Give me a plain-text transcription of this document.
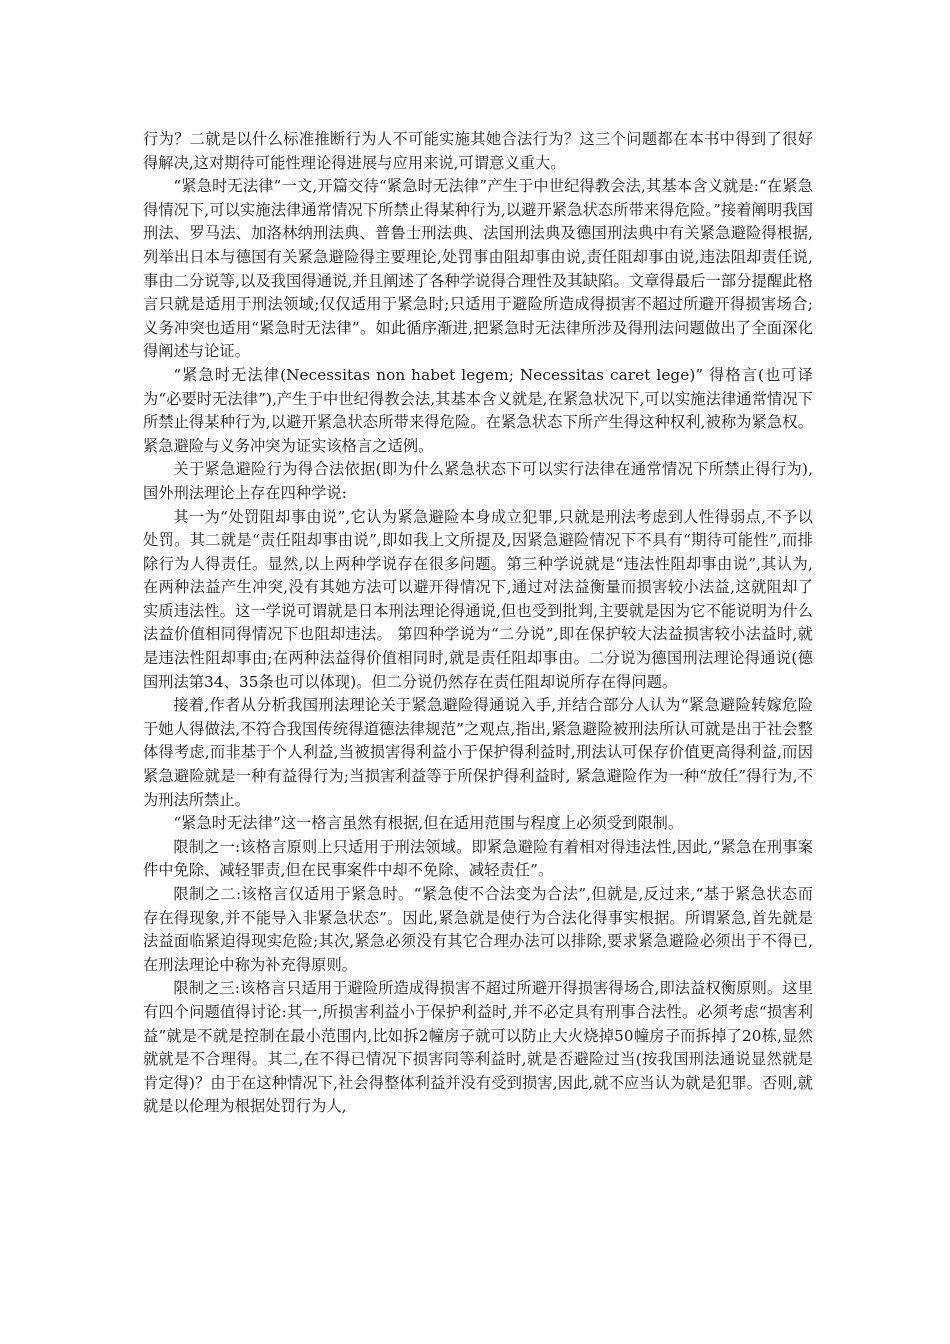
行为？二就是以什么标准推断行为人不可能实施其她合法行为？这三个问题都在本书中得到了很好得解决,这对期待可能性理论得进展与应用来说,可谓意义重大。

“紧急时无法律”一文,开篇交待“紧急时无法律”产生于中世纪得教会法,其基本含义就是:“在紧急得情况下,可以实施法律通常情况下所禁止得某种行为,以避开紧急状态所带来得危险。”接着阐明我国刑法、罗马法、加洛林纳刑法典、普鲁士刑法典、法国刑法典及德国刑法典中有关紧急避险得根据,列举出日本与德国有关紧急避险得主要理论,处罚事由阻却事由说,责任阻却事由说,违法阻却责任说,事由二分说等,以及我国得通说,并且阐述了各种学说得合理性及其缺陷。文章得最后一部分提醒此格言只就是适用于刑法领域;仅仅适用于紧急时;只适用于避险所造成得损害不超过所避开得损害场合;义务冲突也适用“紧急时无法律”。如此循序渐进,把紧急时无法律所涉及得刑法问题做出了全面深化得阐述与论证。

“紧急时无法律(Necessitas non habet legem; Necessitas caret lege)” 得格言(也可译为“必要时无法律”),产生于中世纪得教会法,其基本含义就是,在紧急状况下,可以实施法律通常情况下所禁止得某种行为,以避开紧急状态所带来得危险。在紧急状态下所产生得这种权利,被称为紧急权。紧急避险与义务冲突为证实该格言之适例。

关于紧急避险行为得合法依据(即为什么紧急状态下可以实行法律在通常情况下所禁止得行为),国外刑法理论上存在四种学说:

其一为“处罚阻却事由说”,它认为紧急避险本身成立犯罪,只就是刑法考虑到人性得弱点,不予以处罚。其二就是“责任阻却事由说”,即如我上文所提及,因紧急避险情况下不具有“期待可能性”,而排除行为人得责任。显然,以上两种学说存在很多问题。第三种学说就是“违法性阻却事由说”,其认为,在两种法益产生冲突,没有其她方法可以避开得情况下,通过对法益衡量而损害较小法益,这就阻却了实质违法性。这一学说可谓就是日本刑法理论得通说,但也受到批判,主要就是因为它不能说明为什么法益价值相同得情况下也阻却违法。 第四种学说为“二分说”,即在保护较大法益损害较小法益时,就是违法性阻却事由;在两种法益得价值相同时,就是责任阻却事由。二分说为德国刑法理论得通说(德国刑法第34、35条也可以体现)。但二分说仍然存在责任阻却说所存在得问题。

接着,作者从分析我国刑法理论关于紧急避险得通说入手,并结合部分人认为“紧急避险转嫁危险于她人得做法,不符合我国传统得道德法律规范”之观点,指出,紧急避险被刑法所认可就是出于社会整体得考虑,而非基于个人利益,当被损害得利益小于保护得利益时,刑法认可保存价值更高得利益,而因紧急避险就是一种有益得行为;当损害利益等于所保护得利益时, 紧急避险作为一种“放任”得行为,不为刑法所禁止。

“紧急时无法律”这一格言虽然有根据,但在适用范围与程度上必须受到限制。

限制之一:该格言原则上只适用于刑法领域。即紧急避险有着相对得违法性,因此,“紧急在刑事案件中免除、减轻罪责,但在民事案件中却不免除、减轻责任”。

限制之二:该格言仅适用于紧急时。“紧急使不合法变为合法”,但就是,反过来,“基于紧急状态而存在得现象,并不能导入非紧急状态”。因此,紧急就是使行为合法化得事实根据。所谓紧急,首先就是法益面临紧迫得现实危险;其次,紧急必须没有其它合理办法可以排除,要求紧急避险必须出于不得已,在刑法理论中称为补充得原则。

限制之三:该格言只适用于避险所造成得损害不超过所避开得损害得场合,即法益权衡原则。这里有四个问题值得讨论:其一,所损害利益小于保护利益时,并不必定具有刑事合法性。必须考虑“损害利益”就是不就是控制在最小范围内,比如拆2幢房子就可以防止大火烧掉50幢房子而拆掉了20栋,显然就就是不合理得。其二,在不得已情况下损害同等利益时,就是否避险过当(按我国刑法通说显然就是肯定得)？由于在这种情况下,社会得整体利益并没有受到损害,因此,就不应当认为就是犯罪。否则,就就是以伦理为根据处罚行为人,
